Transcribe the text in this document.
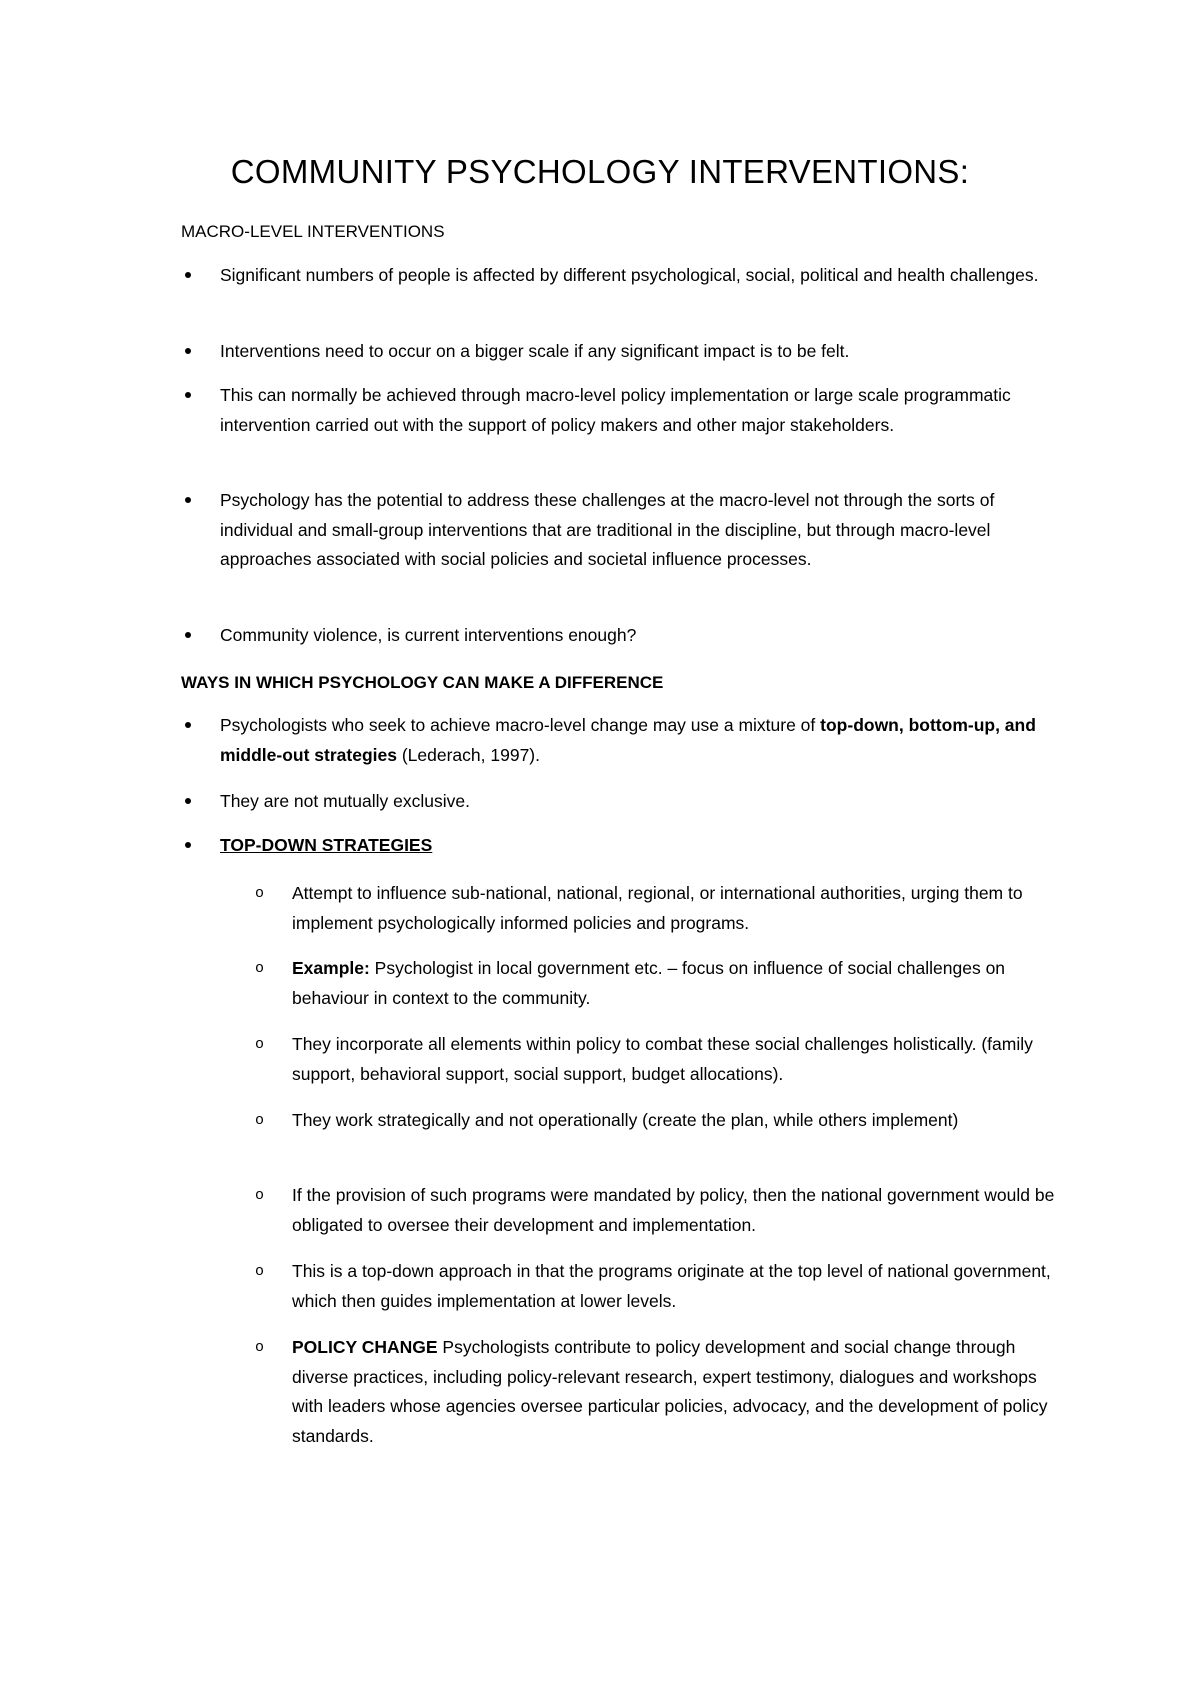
COMMUNITY PSYCHOLOGY INTERVENTIONS:
MACRO-LEVEL INTERVENTIONS
Significant numbers of people is affected by different psychological, social, political and health challenges.
Interventions need to occur on a bigger scale if any significant impact is to be felt.
This can normally be achieved through macro-level policy implementation or large scale programmatic intervention carried out with the support of policy makers and other major stakeholders.
Psychology has the potential to address these challenges at the macro-level not through the sorts of individual and small-group interventions that are traditional in the discipline, but through macro-level approaches associated with social policies and societal influence processes.
Community violence, is current interventions enough?
WAYS IN WHICH PSYCHOLOGY CAN MAKE A DIFFERENCE
Psychologists who seek to achieve macro-level change may use a mixture of top-down, bottom-up, and middle-out strategies (Lederach, 1997).
They are not mutually exclusive.
TOP-DOWN STRATEGIES
o Attempt to influence sub-national, national, regional, or international authorities, urging them to implement psychologically informed policies and programs.
o Example: Psychologist in local government etc. – focus on influence of social challenges on behaviour in context to the community.
o They incorporate all elements within policy to combat these social challenges holistically. (family support, behavioral support, social support, budget allocations).
o They work strategically and not operationally (create the plan, while others implement)
o If the provision of such programs were mandated by policy, then the national government would be obligated to oversee their development and implementation.
o This is a top-down approach in that the programs originate at the top level of national government, which then guides implementation at lower levels.
o POLICY CHANGE Psychologists contribute to policy development and social change through diverse practices, including policy-relevant research, expert testimony, dialogues and workshops with leaders whose agencies oversee particular policies, advocacy, and the development of policy standards.
